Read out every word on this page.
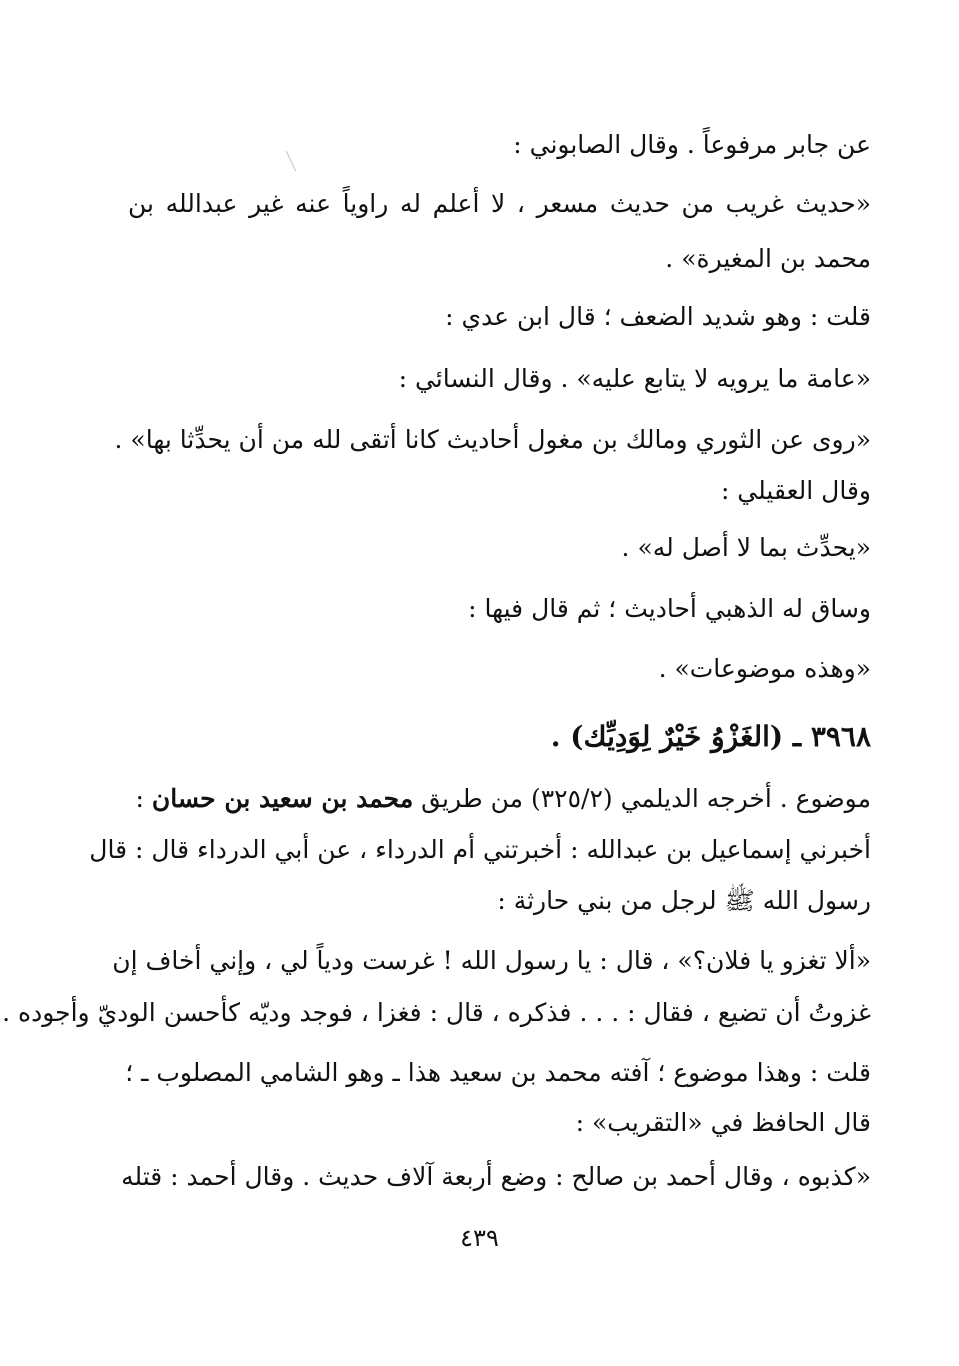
عن جابر مرفوعاً . وقال الصابوني :
«حديث غريب من حديث مسعر ، لا أعلم له راوياً عنه غير عبدالله بن
محمد بن المغيرة» .
قلت : وهو شديد الضعف ؛ قال ابن عدي :
«عامة ما يرويه لا يتابع عليه» . وقال النسائي :
«روى عن الثوري ومالك بن مغول أحاديث كانا أتقى لله من أن يحدِّثا بها» .
وقال العقيلي :
«يحدِّث بما لا أصل له» .
وساق له الذهبي أحاديث ؛ ثم قال فيها :
«وهذه موضوعات» .
٣٩٦٨ ـ (الغَزْوُ خَيْرٌ لِوَدِيِّك) .
موضوع . أخرجه الديلمي (٣٢٥/٢) من طريق محمد بن سعيد بن حسان :
أخبرني إسماعيل بن عبدالله : أخبرتني أم الدرداء ، عن أبي الدرداء قال : قال
رسول الله ﷺ لرجل من بني حارثة :
«ألا تغزو يا فلان؟» ، قال : يا رسول الله ! غرست ودياً لي ، وإني أخاف إن
غزوتُ أن تضيع ، فقال : . . . فذكره ، قال : فغزا ، فوجد وديّه كأحسن الوديّ وأجوده .
قلت : وهذا موضوع ؛ آفته محمد بن سعيد هذا ـ وهو الشامي المصلوب ـ ؛
قال الحافظ في «التقريب» :
«كذبوه ، وقال أحمد بن صالح : وضع أربعة آلاف حديث . وقال أحمد : قتله
٤٣٩
